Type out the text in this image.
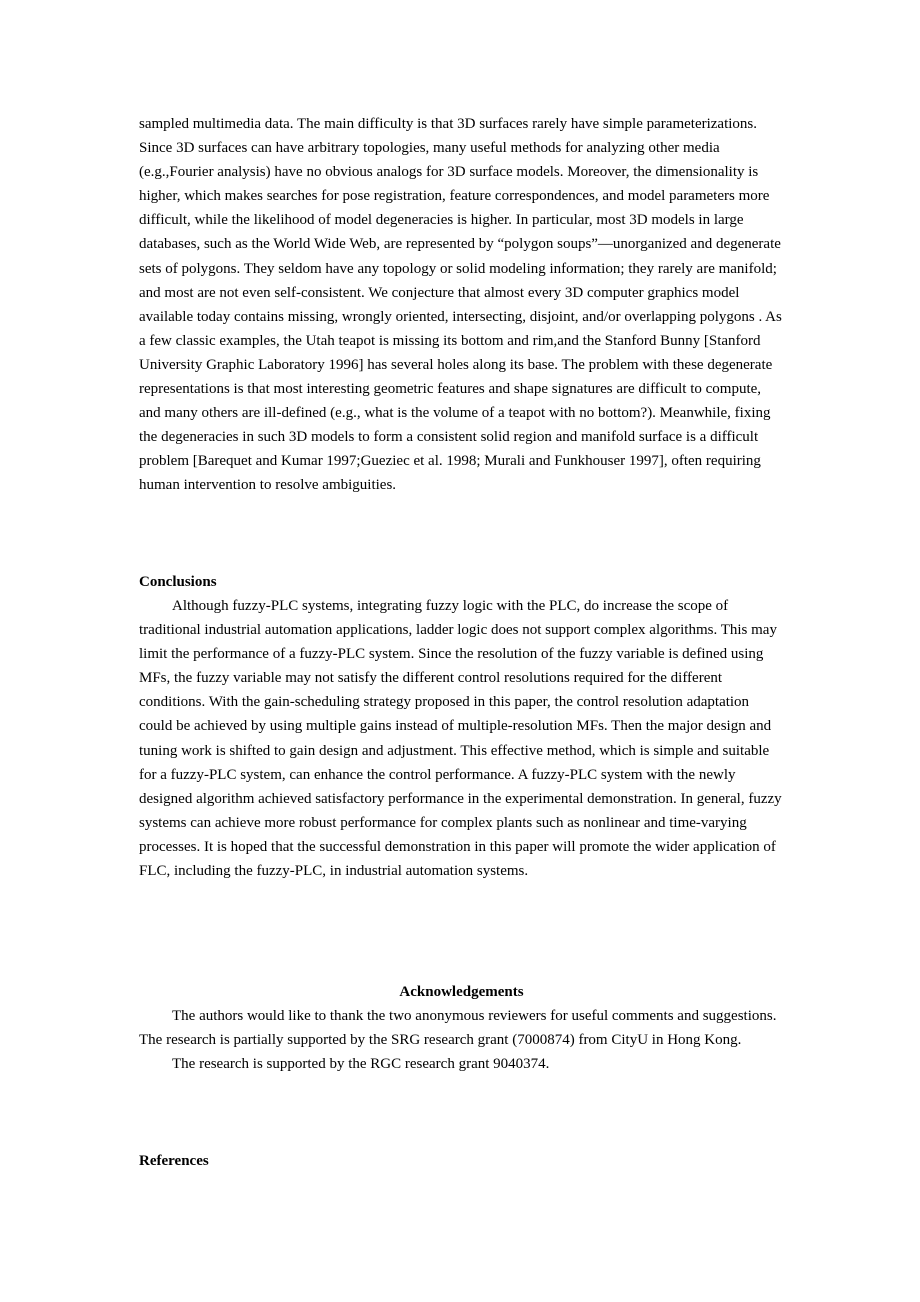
sampled multimedia data. The main difficulty is that 3D surfaces rarely have simple parameterizations. Since 3D surfaces can have arbitrary topologies, many useful methods for analyzing other media (e.g.,Fourier analysis) have no obvious analogs for 3D surface models. Moreover, the dimensionality is higher, which makes searches for pose registration, feature correspondences, and model parameters more difficult, while the likelihood of model degeneracies is higher. In particular, most 3D models in large databases, such as the World Wide Web, are represented by “polygon soups”—unorganized and degenerate sets of polygons. They seldom have any topology or solid modeling information; they rarely are manifold; and most are not even self-consistent. We conjecture that almost every 3D computer graphics model available today contains missing, wrongly oriented, intersecting, disjoint, and/or overlapping polygons . As a few classic examples, the Utah teapot is missing its bottom and rim,and the Stanford Bunny [Stanford University Graphic Laboratory 1996] has several holes along its base. The problem with these degenerate representations is that most interesting geometric features and shape signatures are difficult to compute, and many others are ill-defined (e.g., what is the volume of a teapot with no bottom?). Meanwhile, fixing the degeneracies in such 3D models to form a consistent solid region and manifold surface is a difficult problem [Barequet and Kumar 1997;Gueziec et al. 1998; Murali and Funkhouser 1997], often requiring human intervention to resolve ambiguities.

Conclusions

Although fuzzy-PLC systems, integrating fuzzy logic with the PLC, do increase the scope of traditional industrial automation applications, ladder logic does not support complex algorithms. This may limit the performance of a fuzzy-PLC system. Since the resolution of the fuzzy variable is defined using MFs, the fuzzy variable may not satisfy the different control resolutions required for the different conditions. With the gain-scheduling strategy proposed in this paper, the control resolution adaptation could be achieved by using multiple gains instead of multiple-resolution MFs. Then the major design and tuning work is shifted to gain design and adjustment. This effective method, which is simple and suitable for a fuzzy-PLC system, can enhance the control performance. A fuzzy-PLC system with the newly designed algorithm achieved satisfactory performance in the experimental demonstration. In general, fuzzy systems can achieve more robust performance for complex plants such as nonlinear and time-varying processes. It is hoped that the successful demonstration in this paper will promote the wider application of FLC, including the fuzzy-PLC, in industrial automation systems.

Acknowledgements

The authors would like to thank the two anonymous reviewers for useful comments and suggestions. The research is partially supported by the SRG research grant (7000874) from CityU in Hong Kong.

The research is supported by the RGC research grant 9040374.

References
